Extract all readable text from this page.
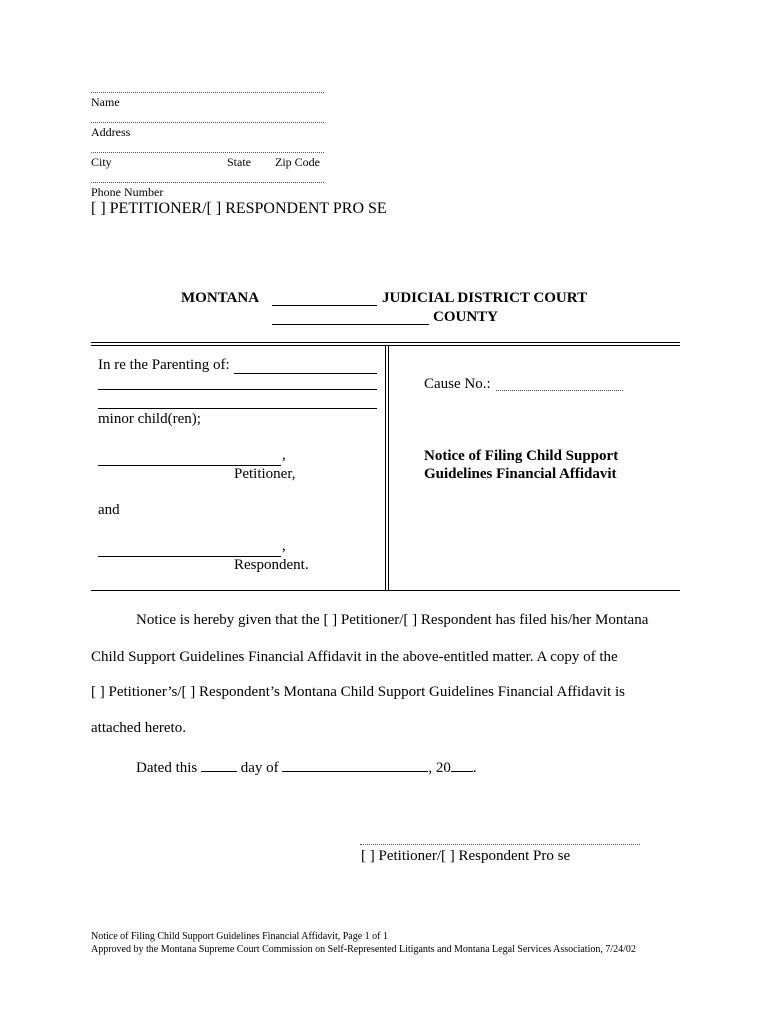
Name
Address
City	State Zip Code
Phone Number
[ ] PETITIONER/[ ] RESPONDENT PRO SE
MONTANA	JUDICIAL DISTRICT COURT
COUNTY
In re the Parenting of:
minor child(ren);
,
Petitioner,
and
,
Respondent.
Cause No.:
Notice of Filing Child Support
Guidelines Financial Affidavit
Notice is hereby given that the [ ] Petitioner/[ ] Respondent has filed his/her Montana
Child Support Guidelines Financial Affidavit in the above-entitled matter. A copy of the
[ ] Petitioner’s/[ ] Respondent’s Montana Child Support Guidelines Financial Affidavit is
attached hereto.
Dated this	day of	, 20 .
[ ] Petitioner/[ ] Respondent Pro se
Notice of Filing Child Support Guidelines Financial Affidavit, Page 1 of 1
Approved by the Montana Supreme Court Commission on Self-Represented Litigants and Montana Legal Services Association, 7/24/02
